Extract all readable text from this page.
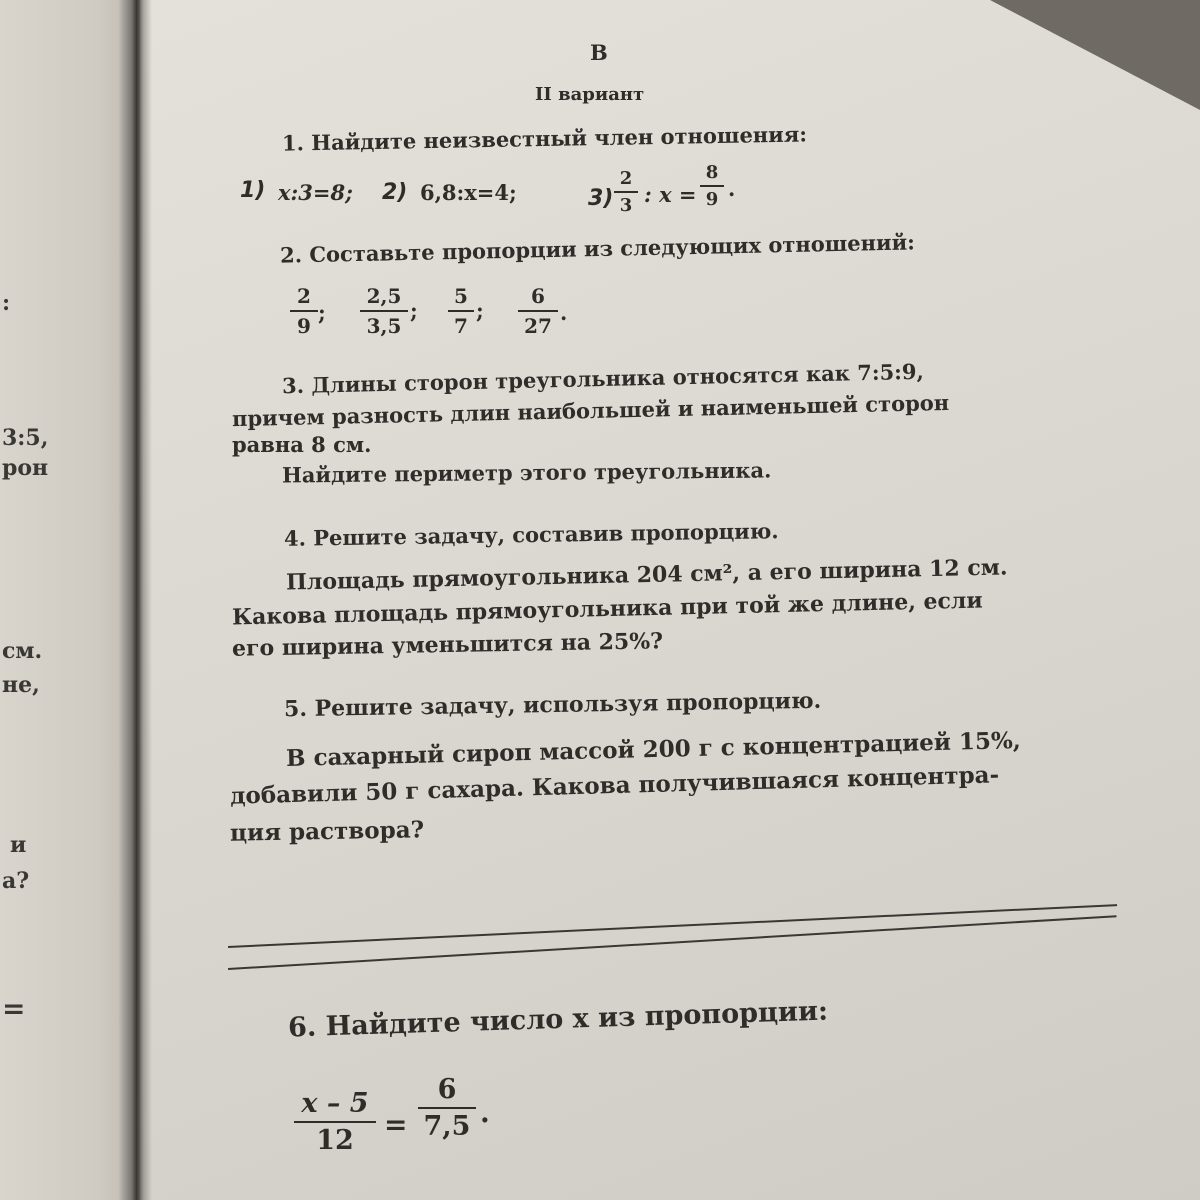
:
3:5,
рон
см.
не,
и
а?
=
В
II вариант
1. Найдите неизвестный член отношения:
1) x:3=8; 2) 6,8:x=4;	3)
2
3 : x =
8
9 .
2. Составьте пропорции из следующих отношений:
2
9
;
2,5
3,5
;
5
7
;
6
27
.
3. Длины сторон треугольника относятся как 7:5:9,
причем разность длин наибольшей и наименьшей сторон
равна 8 см.
Найдите периметр этого треугольника.
4. Решите задачу, составив пропорцию.
Площадь прямоугольника 204 см², а его ширина 12 см.
Какова площадь прямоугольника при той же длине, если
его ширина уменьшится на 25%?
5. Решите задачу, используя пропорцию.
В сахарный сироп массой 200 г с концентрацией 15%,
добавили 50 г сахара. Какова получившаяся концентра-
ция раствора?
6. Найдите число x из пропорции:
x – 5
12	=
6
7,5 .
